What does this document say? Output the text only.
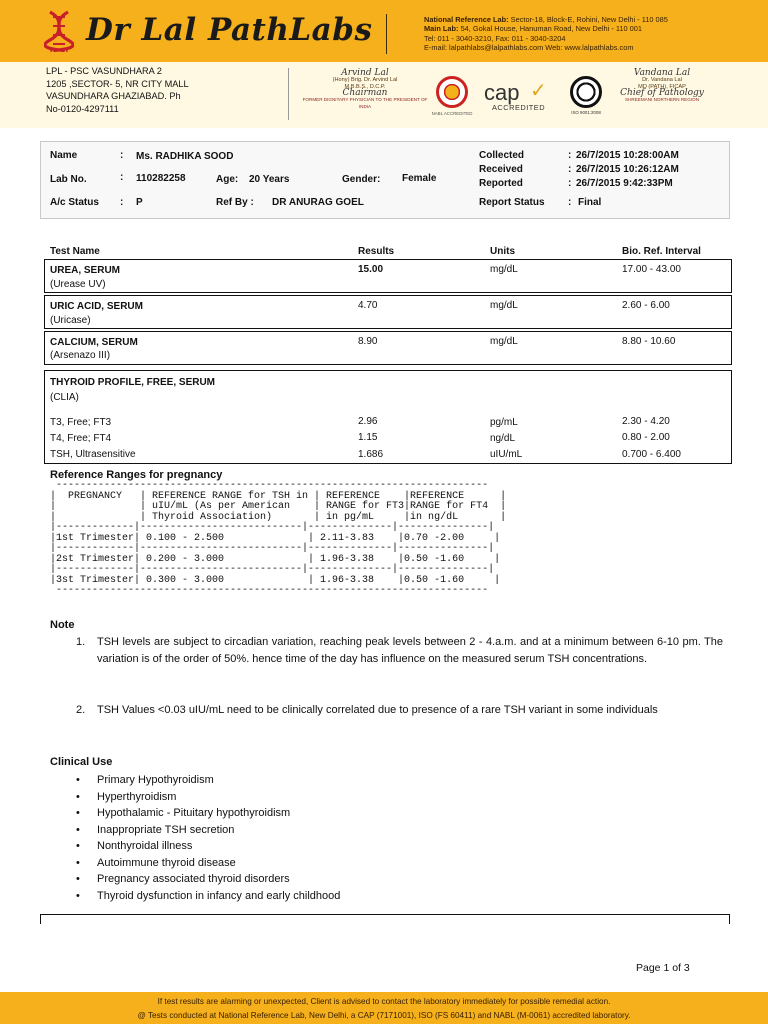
Dr Lal PathLabs	National Reference Lab: Sector-18, Block-E, Rohini, New Delhi - 110 085
Main Lab: 54, Gokal House, Hanuman Road, New Delhi - 110 001
Tel: 011 - 3040-3210, Fax: 011 - 3040-3204
E-mail: lalpathlabs@lalpathlabs.com Web: www.lalpathlabs.com
LPL - PSC VASUNDHARA 2
1205 ,SECTOR- 5, NR CITY MALL
VASUNDHARA GHAZIABAD. Ph
No-0120-4297111
Arvind Lal
(Hony) Brig. Dr. Arvind Lal
M.B.B.S., D.C.P.
Chairman
FORMER DIGNITARY PHYSICIAN TO THE PRESIDENT OF INDIA
NABL ACCREDITED
cap ✓
ACCREDITED
ISO 9001:2008
Vandana Lal
Dr. Vandana Lal
MD (PATH), FICAP
Chief of Pathology
SHREEMANI NORTHERN REGION
Name	: Ms. RADHIKA SOOD
Lab No.	: 110282258	Age: 20 Years	Gender: Female
A/c Status : P	Ref By : DR ANURAG GOEL
Collected	: 26/7/2015 10:28:00AM
Received	: 26/7/2015 10:26:12AM
Reported	: 26/7/2015 9:42:33PM
Report Status : Final
Test Name	Results	Units	Bio. Ref. Interval
UREA, SERUM
(Urease UV)
15.00	mg/dL	17.00 - 43.00
URIC ACID, SERUM
(Uricase)
4.70	mg/dL	2.60 - 6.00
CALCIUM, SERUM
(Arsenazo III)
8.90	mg/dL	8.80 - 10.60
THYROID PROFILE, FREE, SERUM
(CLIA)
T3, Free; FT3	2.96	pg/mL	2.30 - 4.20
T4, Free; FT4	1.15	ng/dL	0.80 - 2.00
TSH, Ultrasensitive	1.686	uIU/mL	0.700 - 6.400
Reference Ranges for pregnancy
------------------------------------------------------------------------
|  PREGNANCY   | REFERENCE RANGE for TSH in | REFERENCE    |REFERENCE      |
|              | uIU/mL (As per American    | RANGE for FT3|RANGE for FT4  |
|              | Thyroid Association)       | in pg/mL     |in ng/dL       |
|-------------|---------------------------|--------------|---------------|
|1st Trimester| 0.100 - 2.500              | 2.11-3.83    |0.70 -2.00     |
|-------------|---------------------------|--------------|---------------|
|2st Trimester| 0.200 - 3.000              | 1.96-3.38    |0.50 -1.60     |
|-------------|---------------------------|--------------|---------------|
|3st Trimester| 0.300 - 3.000              | 1.96-3.38    |0.50 -1.60     |
------------------------------------------------------------------------
Note
1. TSH levels are subject to circadian variation, reaching peak levels between 2 - 4.a.m. and at a minimum between 6-10 pm. The variation is of the order of 50%. hence time of the day has influence on the measured serum TSH concentrations.
2. TSH Values <0.03 uIU/mL need to be clinically correlated due to presence of a rare TSH variant in some individuals
Clinical Use
•	Primary Hypothyroidism
•	Hyperthyroidism
•	Hypothalamic - Pituitary hypothyroidism
•	Inappropriate TSH secretion
•	Nonthyroidal illness
•	Autoimmune thyroid disease
•	Pregnancy associated thyroid disorders
•	Thyroid dysfunction in infancy and early childhood
Page 1 of 3
If test results are alarming or unexpected, Client is advised to contact the laboratory immediately for possible remedial action.
@ Tests conducted at National Reference Lab, New Delhi, a CAP (7171001), ISO (FS 60411) and NABL (M-0061) accredited laboratory.
